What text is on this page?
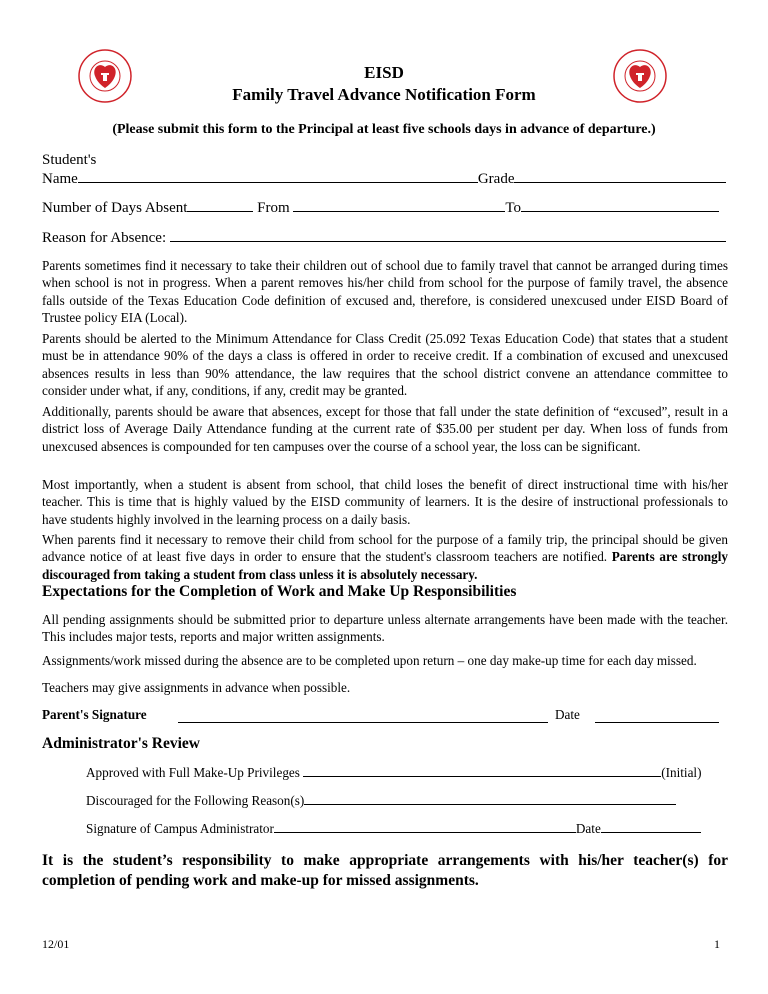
EISD
Family Travel Advance Notification Form
(Please submit this form to the Principal at least five schools days in advance of departure.)
Student's
Name	Grade
Number of Days Absent	From	To
Reason for Absence:
Parents sometimes find it necessary to take their children out of school due to family travel that cannot be arranged during times when school is not in progress. When a parent removes his/her child from school for the purpose of family travel, the absence falls outside of the Texas Education Code definition of excused and, therefore, is considered unexcused under EISD Board of Trustee policy EIA (Local).
Parents should be alerted to the Minimum Attendance for Class Credit (25.092 Texas Education Code) that states that a student must be in attendance 90% of the days a class is offered in order to receive credit. If a combination of excused and unexcused absences results in less than 90% attendance, the law requires that the school district convene an attendance committee to consider under what, if any, conditions, if any, credit may be granted.
Additionally, parents should be aware that absences, except for those that fall under the state definition of “excused”, result in a district loss of Average Daily Attendance funding at the current rate of $35.00 per student per day. When loss of funds from unexcused absences is compounded for ten campuses over the course of a school year, the loss can be significant.
Most importantly, when a student is absent from school, that child loses the benefit of direct instructional time with his/her teacher. This is time that is highly valued by the EISD community of learners. It is the desire of instructional professionals to have students highly involved in the learning process on a daily basis.
When parents find it necessary to remove their child from school for the purpose of a family trip, the principal should be given advance notice of at least five days in order to ensure that the student's classroom teachers are notified. Parents are strongly discouraged from taking a student from class unless it is absolutely necessary.
Expectations for the Completion of Work and Make Up Responsibilities
All pending assignments should be submitted prior to departure unless alternate arrangements have been made with the teacher. This includes major tests, reports and major written assignments.
Assignments/work missed during the absence are to be completed upon return – one day make-up time for each day missed.
Teachers may give assignments in advance when possible.
Parent's Signature	Date
Administrator's Review
Approved with Full Make-Up Privileges	(Initial)
Discouraged for the Following Reason(s)
Signature of Campus Administrator	Date
It is the student’s responsibility to make appropriate arrangements with his/her teacher(s) for completion of pending work and make-up for missed assignments.
12/01	1
